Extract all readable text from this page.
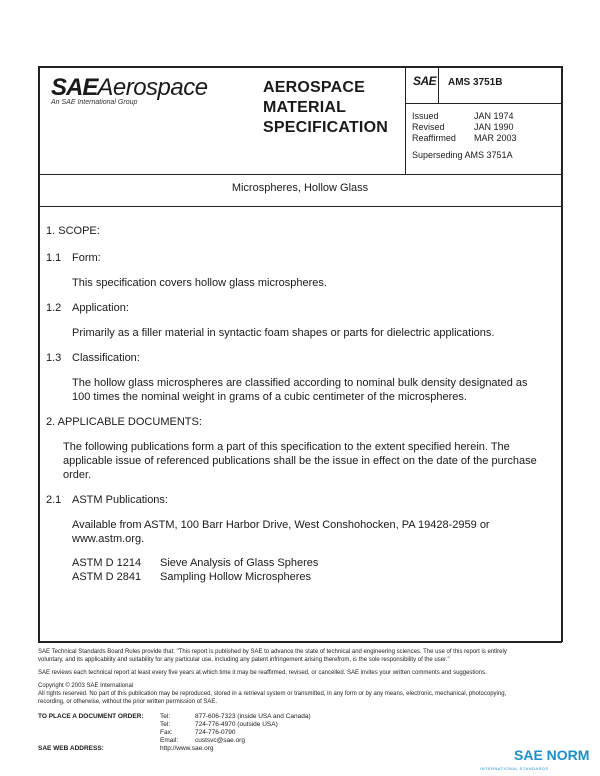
SAEAerospace
An SAE International Group
AEROSPACE
MATERIAL
SPECIFICATION
SAE AMS 3751B
Issued	JAN 1974
Revised	JAN 1990
Reaffirmed	MAR 2003
Superseding AMS 3751A
Microspheres, Hollow Glass
1. SCOPE:
1.1 Form:
This specification covers hollow glass microspheres.
1.2 Application:
Primarily as a filler material in syntactic foam shapes or parts for dielectric applications.
1.3 Classification:
The hollow glass microspheres are classified according to nominal bulk density designated as
100 times the nominal weight in grams of a cubic centimeter of the microspheres.
2. APPLICABLE DOCUMENTS:
The following publications form a part of this specification to the extent specified herein. The
applicable issue of referenced publications shall be the issue in effect on the date of the purchase
order.
2.1 ASTM Publications:
Available from ASTM, 100 Barr Harbor Drive, West Conshohocken, PA 19428-2959 or
www.astm.org.
ASTM D 1214 Sieve Analysis of Glass Spheres
ASTM D 2841 Sampling Hollow Microspheres
SAE Technical Standards Board Rules provide that: "This report is published by SAE to advance the state of technical and engineering sciences. The use of this report is entirely
voluntary, and its applicability and suitability for any particular use, including any patent infringement arising therefrom, is the sole responsibility of the user."
SAE reviews each technical report at least every five years at which time it may be reaffirmed, revised, or cancelled. SAE invites your written comments and suggestions.
Copyright © 2003 SAE International
All rights reserved. No part of this publication may be reproduced, stored in a retrieval system or transmitted, in any form or by any means, electronic, mechanical, photocopying,
recording, or otherwise, without the prior written permission of SAE.
TO PLACE A DOCUMENT ORDER:	Tel:	877-606-7323 (inside USA and Canada)
Tel:	724-776-4970 (outside USA)
Fax:	724-776-0790
Email:	custsvc@sae.org
SAE WEB ADDRESS:	http://www.sae.org	SAE NORM
INTERNATIONAL STANDARDS
